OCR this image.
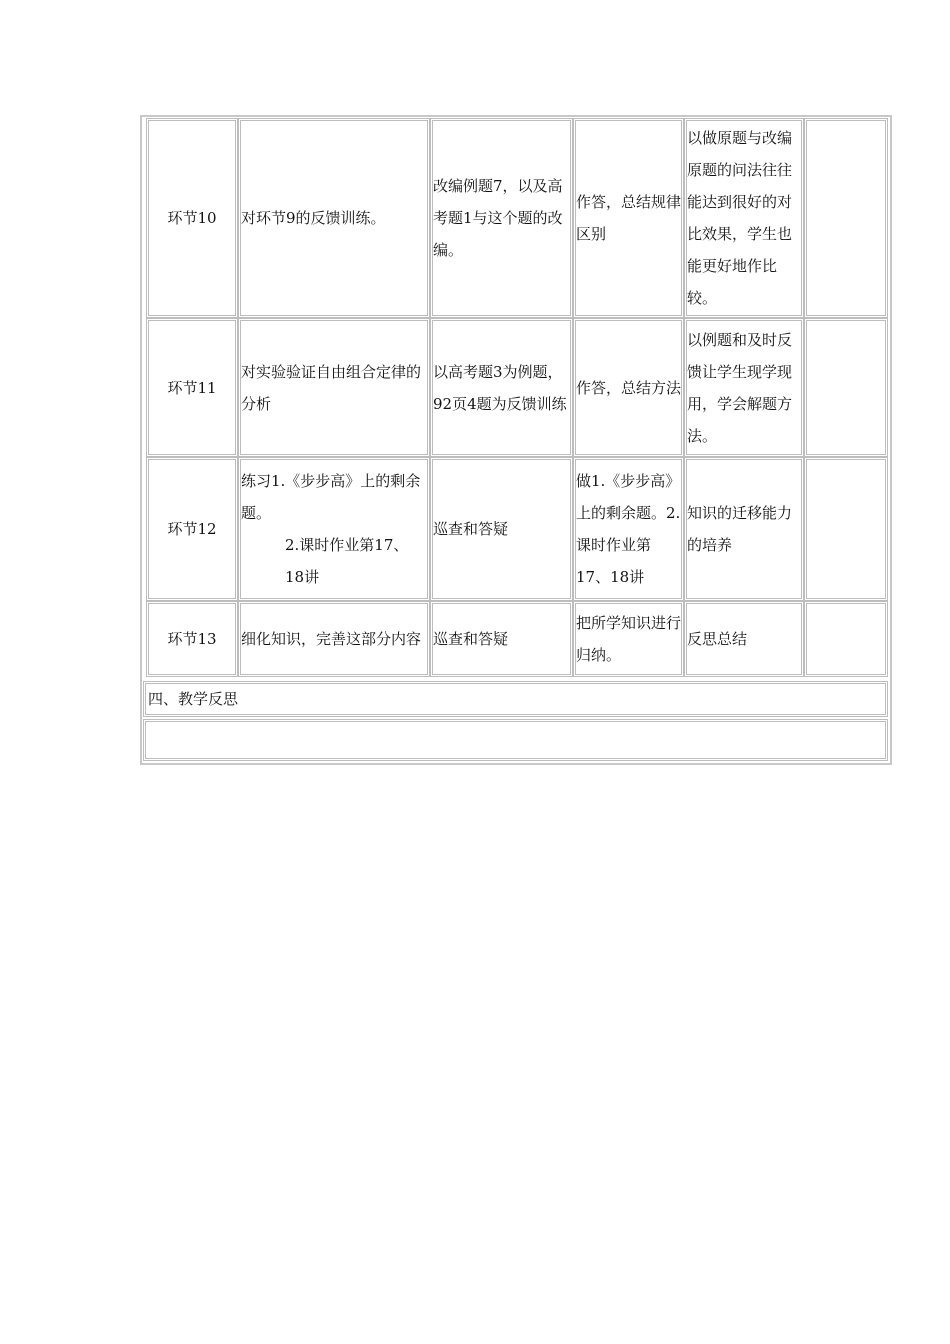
环节10	对环节9的反馈训练。
改编例题7，以及高考题1与这个题的改编。
作答，总结规律区别
以做原题与改编原题的问法往往能达到很好的对比效果，学生也能更好地作比较。
环节11
对实验验证自由组合定律的分析
以高考题3为例题，92页4题为反馈训练
作答，总结方法
以例题和及时反馈让学生现学现用，学会解题方法。
环节12
练习1.《步步高》上的剩余题。
2.课时作业第17、18讲
巡查和答疑
做1.《步步高》上的剩余题。2.课时作业第17、18讲
知识的迁移能力的培养
环节13	细化知识，完善这部分内容 巡查和答疑
把所学知识进行归纳。
反思总结
四、教学反思
